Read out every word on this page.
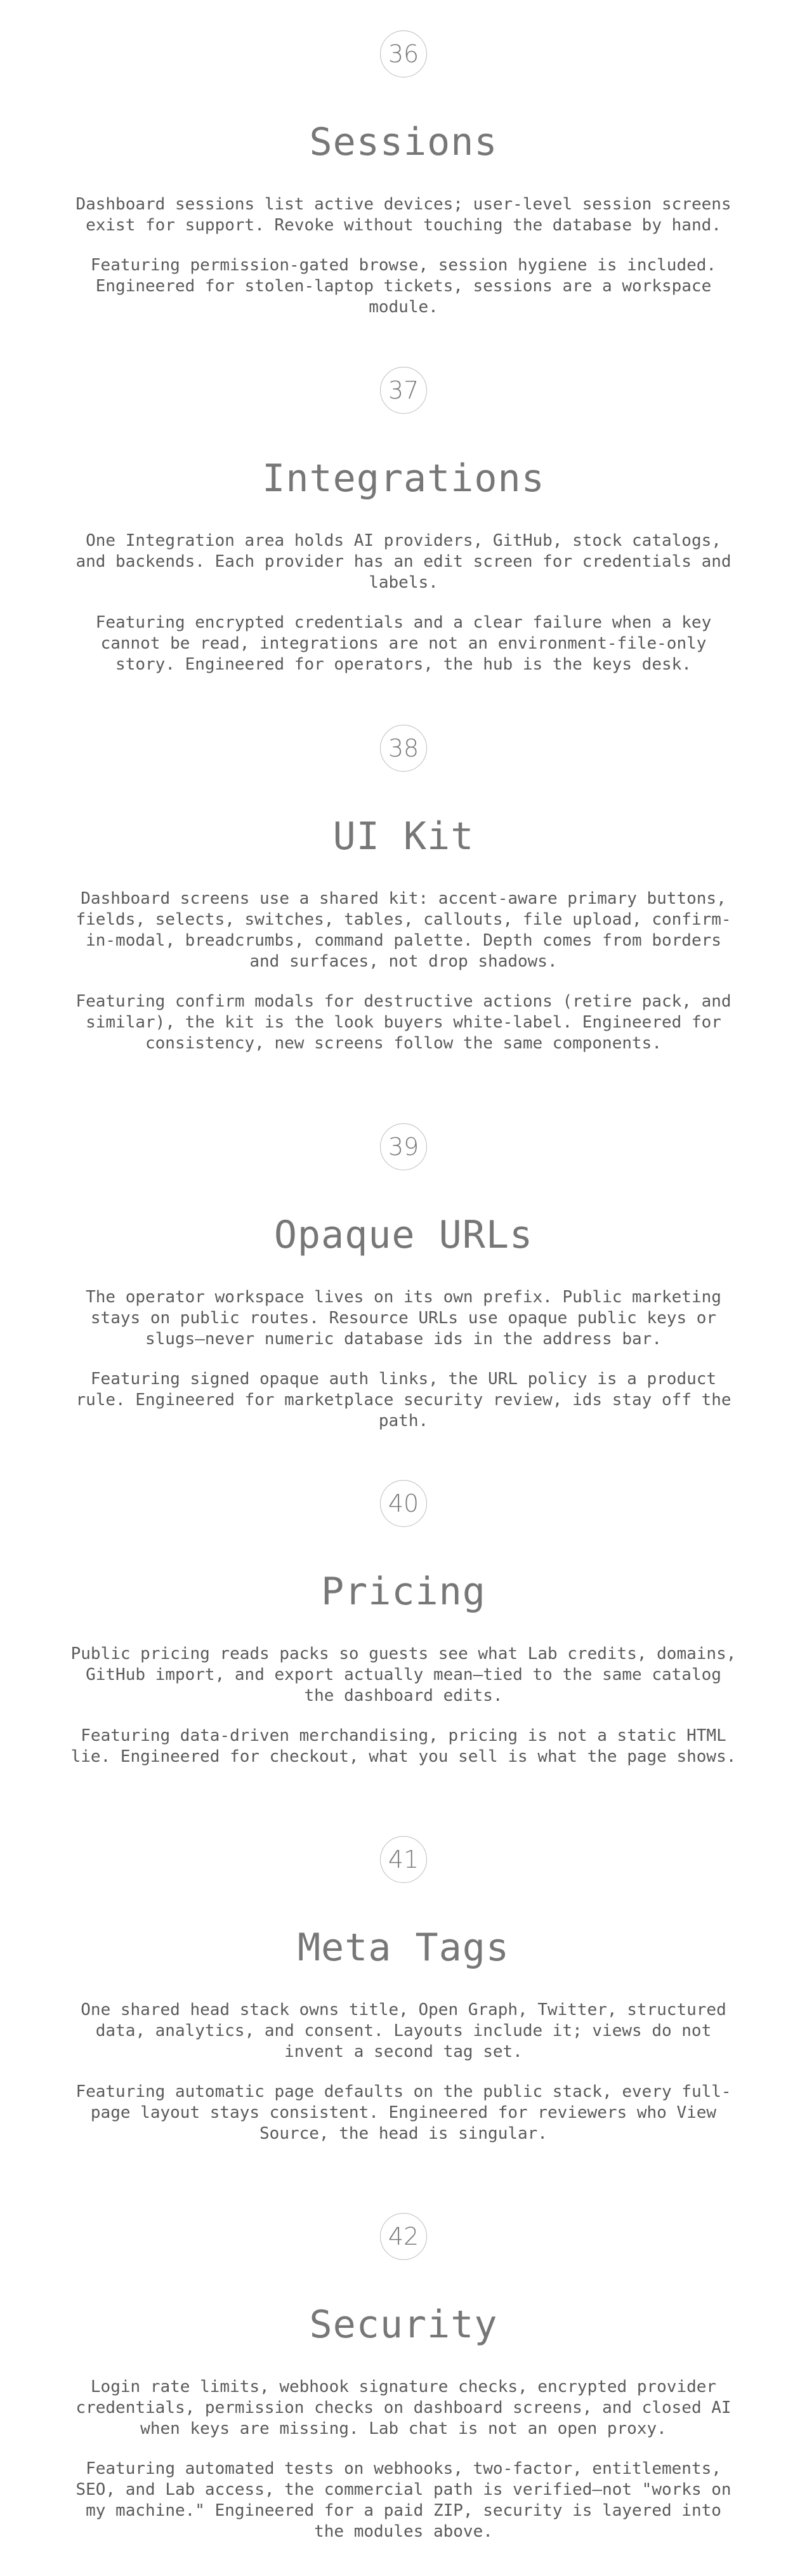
36
Sessions

Dashboard sessions list active devices; user-level session screens exist for support. Revoke without touching the database by hand.

Featuring permission-gated browse, session hygiene is included. Engineered for stolen-laptop tickets, sessions are a workspace module.

37
Integrations

One Integration area holds AI providers, GitHub, stock catalogs, and backends. Each provider has an edit screen for credentials and labels.

Featuring encrypted credentials and a clear failure when a key cannot be read, integrations are not an environment-file-only story. Engineered for operators, the hub is the keys desk.

38
UI Kit

Dashboard screens use a shared kit: accent-aware primary buttons, fields, selects, switches, tables, callouts, file upload, confirm-in-modal, breadcrumbs, command palette. Depth comes from borders and surfaces, not drop shadows.

Featuring confirm modals for destructive actions (retire pack, and similar), the kit is the look buyers white-label. Engineered for consistency, new screens follow the same components.

39
Opaque URLs

The operator workspace lives on its own prefix. Public marketing stays on public routes. Resource URLs use opaque public keys or slugs—never numeric database ids in the address bar.

Featuring signed opaque auth links, the URL policy is a product rule. Engineered for marketplace security review, ids stay off the path.

40
Pricing

Public pricing reads packs so guests see what Lab credits, domains, GitHub import, and export actually mean—tied to the same catalog the dashboard edits.

Featuring data-driven merchandising, pricing is not a static HTML lie. Engineered for checkout, what you sell is what the page shows.

41
Meta Tags

One shared head stack owns title, Open Graph, Twitter, structured data, analytics, and consent. Layouts include it; views do not invent a second tag set.

Featuring automatic page defaults on the public stack, every full-page layout stays consistent. Engineered for reviewers who View Source, the head is singular.

42
Security

Login rate limits, webhook signature checks, encrypted provider credentials, permission checks on dashboard screens, and closed AI when keys are missing. Lab chat is not an open proxy.

Featuring automated tests on webhooks, two-factor, entitlements, SEO, and Lab access, the commercial path is verified—not "works on my machine." Engineered for a paid ZIP, security is layered into the modules above.
